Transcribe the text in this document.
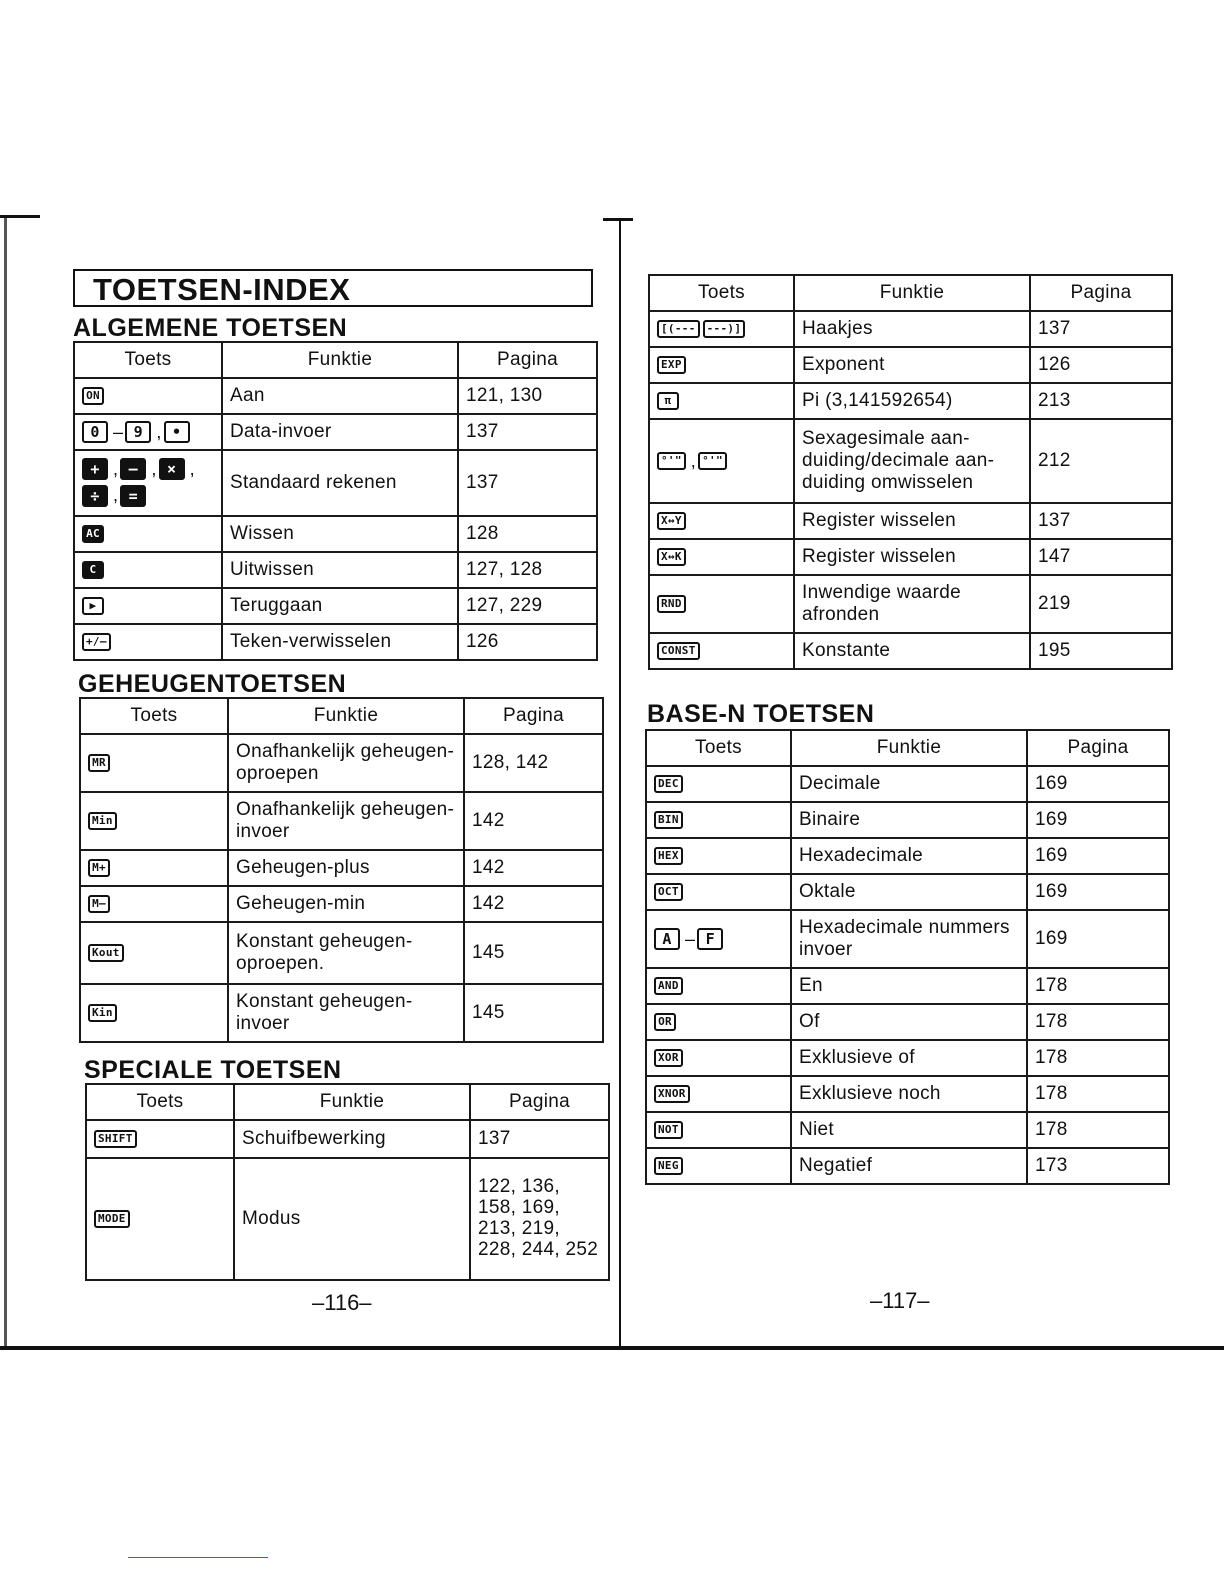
TOETSEN-INDEX
ALGEMENE TOETSEN
Toets	Funktie	Pagina
ON	Aan	121, 130
0 – 9 , •	Data-invoer	137
+ , – , × ,
÷ , =	Standaard rekenen	137
AC	Wissen	128
C	Uitwissen	127, 128
▶	Teruggaan	127, 229
+/–	Teken-verwisselen	126
GEHEUGENTOETSEN
Toets	Funktie	Pagina
MR	Onafhankelijk geheugen-oproepen	128, 142
Min	Onafhankelijk geheugen-invoer	142
M+	Geheugen-plus	142
M–	Geheugen-min	142
Kout	Konstant geheugen-oproepen.	145
Kin	Konstant geheugen-invoer	145
SPECIALE TOETSEN
Toets	Funktie	Pagina
SHIFT	Schuifbewerking	137
MODE	Modus	122, 136, 158, 169, 213, 219, 228, 244, 252
–116–
Toets	Funktie	Pagina
[(--- ---)]	Haakjes	137
EXP	Exponent	126
π	Pi (3,141592654)	213
°'" , °'"	Sexagesimale aan-duiding/decimale aan-duiding omwisselen	212
X↔Y	Register wisselen	137
X↔K	Register wisselen	147
RND	Inwendige waarde afronden	219
CONST	Konstante	195
BASE-N TOETSEN
Toets	Funktie	Pagina
DEC	Decimale	169
BIN	Binaire	169
HEX	Hexadecimale	169
OCT	Oktale	169
A – F	Hexadecimale nummers invoer	169
AND	En	178
OR	Of	178
XOR	Exklusieve of	178
XNOR	Exklusieve noch	178
NOT	Niet	178
NEG	Negatief	173
–117–
